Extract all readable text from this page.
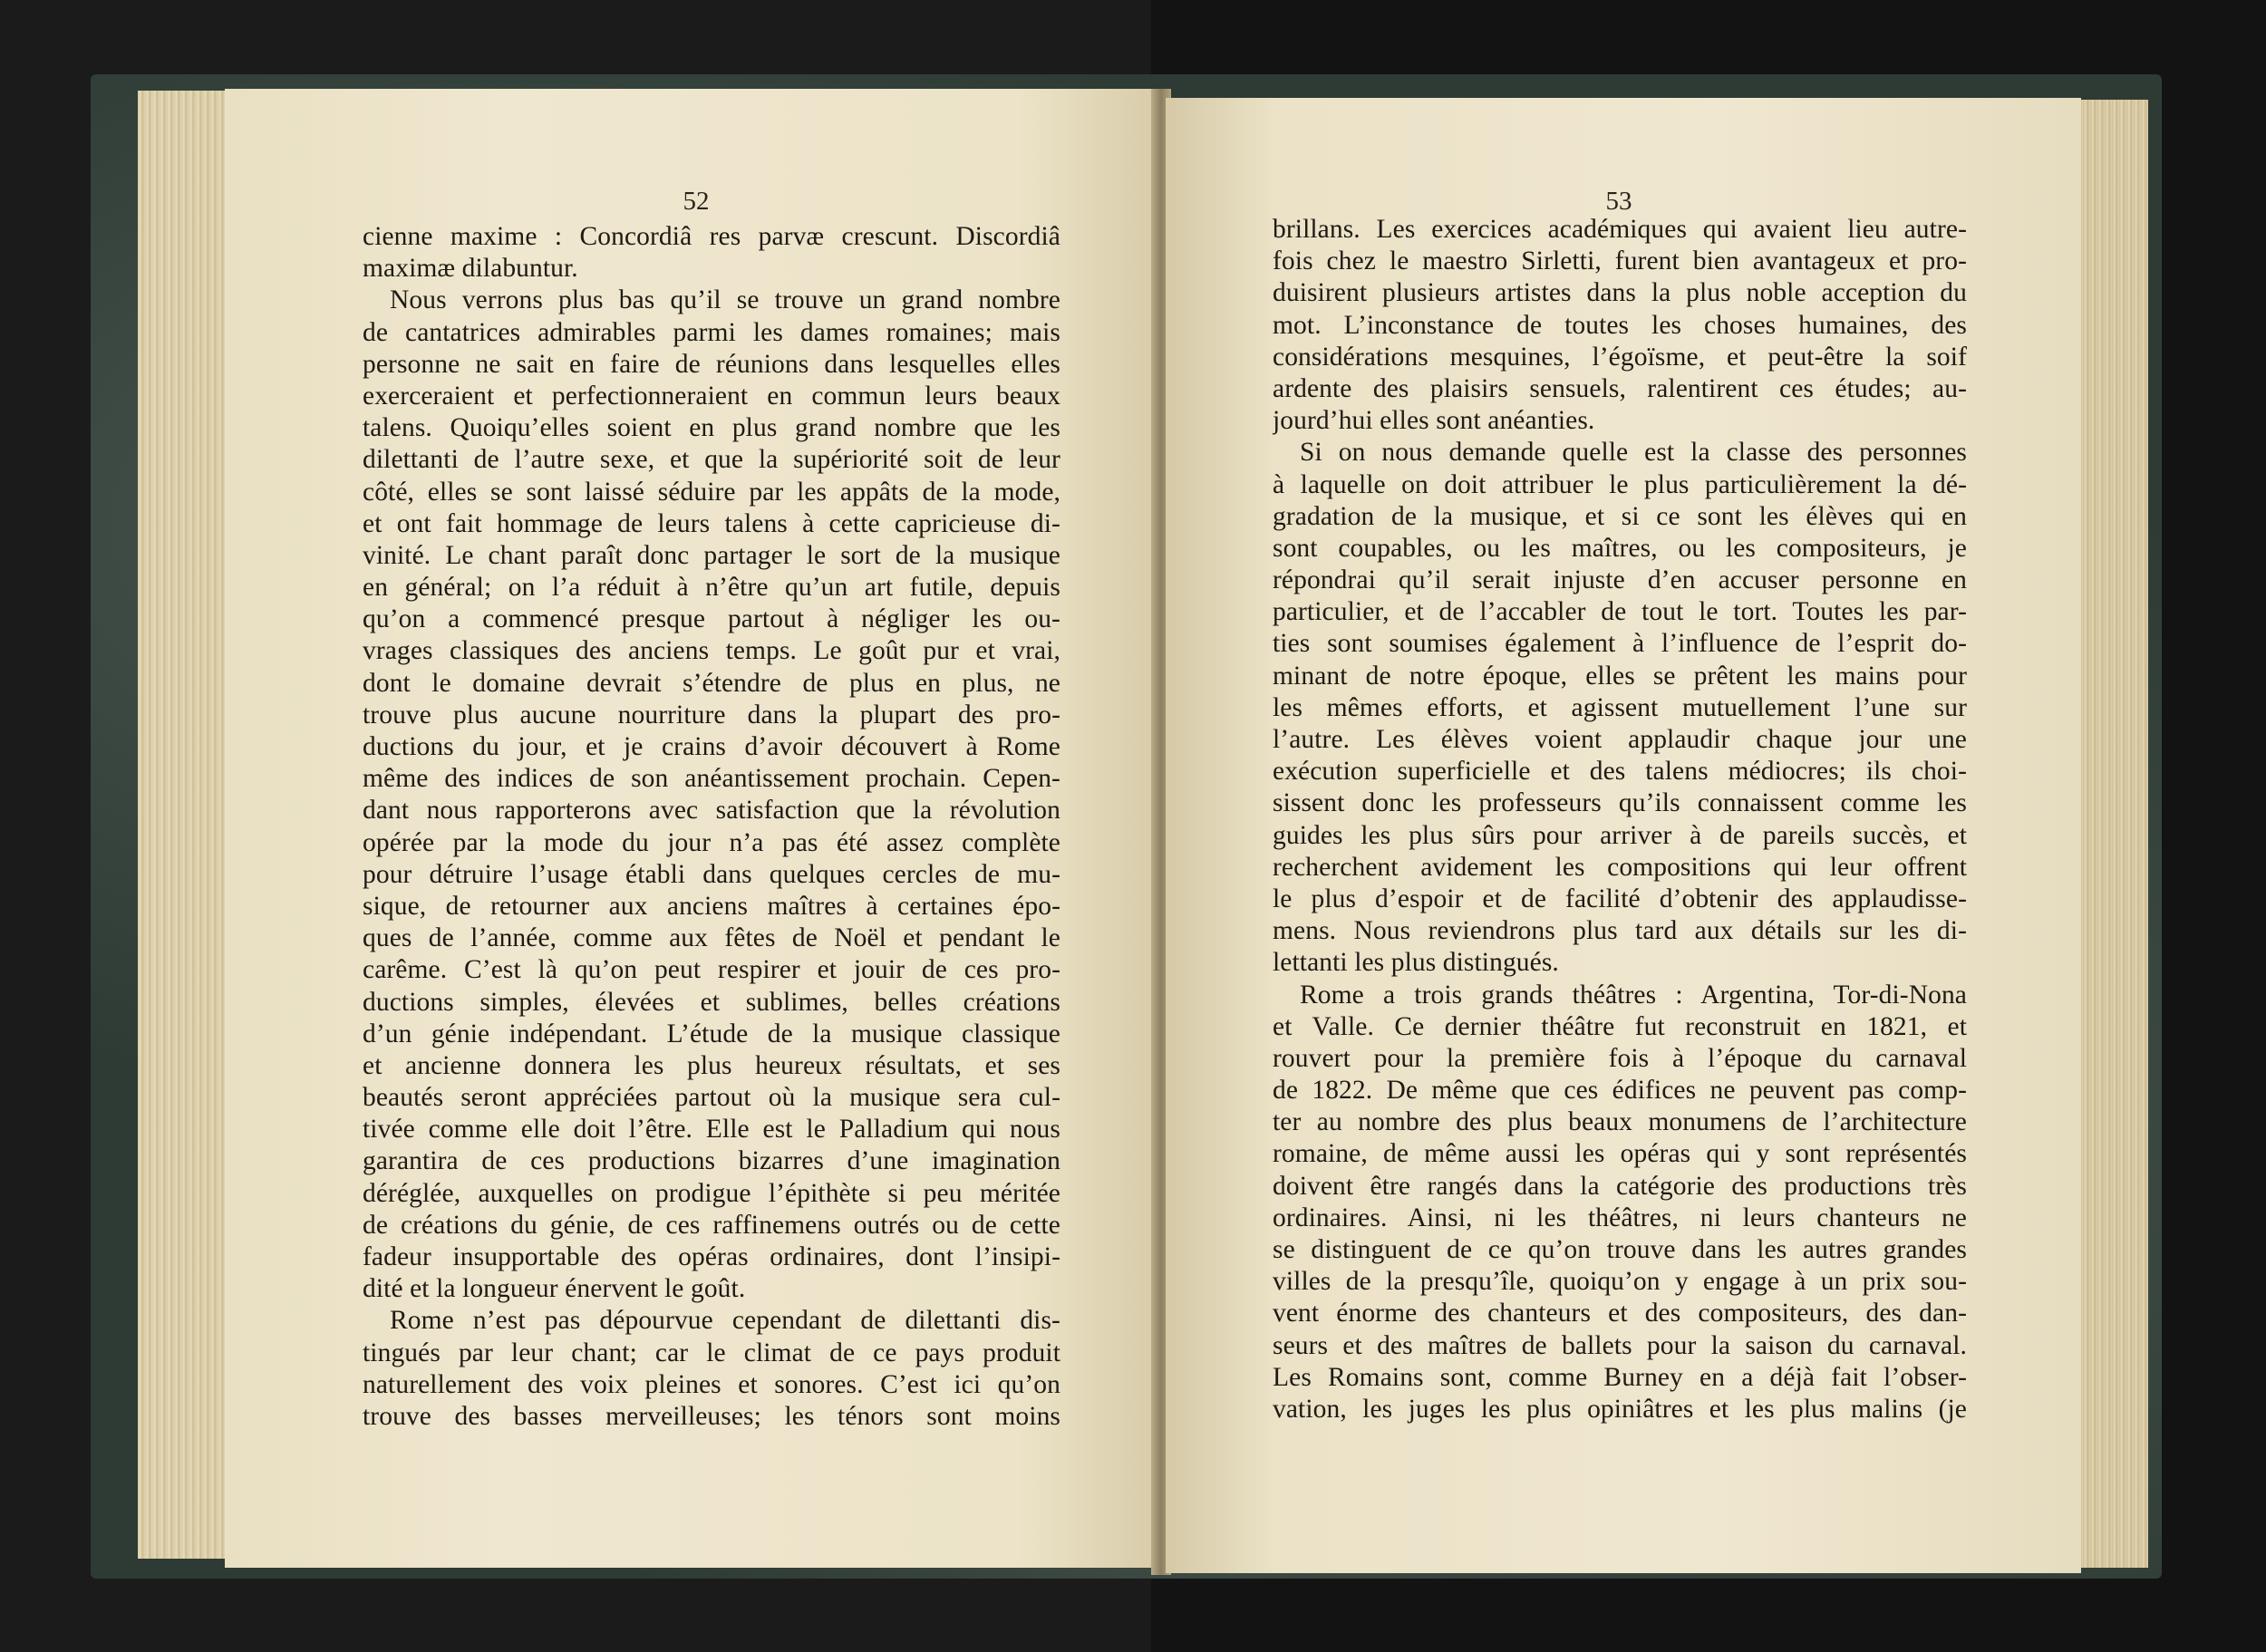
52
cienne maxime : Concordiâ res parvæ crescunt. Discordiâ
maximæ dilabuntur.
Nous verrons plus bas qu’il se trouve un grand nombre
de cantatrices admirables parmi les dames romaines; mais
personne ne sait en faire de réunions dans lesquelles elles
exerceraient et perfectionneraient en commun leurs beaux
talens. Quoiqu’elles soient en plus grand nombre que les
dilettanti de l’autre sexe, et que la supériorité soit de leur
côté, elles se sont laissé séduire par les appâts de la mode,
et ont fait hommage de leurs talens à cette capricieuse di-
vinité. Le chant paraît donc partager le sort de la musique
en général; on l’a réduit à n’être qu’un art futile, depuis
qu’on a commencé presque partout à négliger les ou-
vrages classiques des anciens temps. Le goût pur et vrai,
dont le domaine devrait s’étendre de plus en plus, ne
trouve plus aucune nourriture dans la plupart des pro-
ductions du jour, et je crains d’avoir découvert à Rome
même des indices de son anéantissement prochain. Cepen-
dant nous rapporterons avec satisfaction que la révolution
opérée par la mode du jour n’a pas été assez complète
pour détruire l’usage établi dans quelques cercles de mu-
sique, de retourner aux anciens maîtres à certaines épo-
ques de l’année, comme aux fêtes de Noël et pendant le
carême. C’est là qu’on peut respirer et jouir de ces pro-
ductions simples, élevées et sublimes, belles créations
d’un génie indépendant. L’étude de la musique classique
et ancienne donnera les plus heureux résultats, et ses
beautés seront appréciées partout où la musique sera cul-
tivée comme elle doit l’être. Elle est le Palladium qui nous
garantira de ces productions bizarres d’une imagination
déréglée, auxquelles on prodigue l’épithète si peu méritée
de créations du génie, de ces raffinemens outrés ou de cette
fadeur insupportable des opéras ordinaires, dont l’insipi-
dité et la longueur énervent le goût.
Rome n’est pas dépourvue cependant de dilettanti dis-
tingués par leur chant; car le climat de ce pays produit
naturellement des voix pleines et sonores. C’est ici qu’on
trouve des basses merveilleuses; les ténors sont moins
53
brillans. Les exercices académiques qui avaient lieu autre-
fois chez le maestro Sirletti, furent bien avantageux et pro-
duisirent plusieurs artistes dans la plus noble acception du
mot. L’inconstance de toutes les choses humaines, des
considérations mesquines, l’égoïsme, et peut-être la soif
ardente des plaisirs sensuels, ralentirent ces études; au-
jourd’hui elles sont anéanties.
Si on nous demande quelle est la classe des personnes
à laquelle on doit attribuer le plus particulièrement la dé-
gradation de la musique, et si ce sont les élèves qui en
sont coupables, ou les maîtres, ou les compositeurs, je
répondrai qu’il serait injuste d’en accuser personne en
particulier, et de l’accabler de tout le tort. Toutes les par-
ties sont soumises également à l’influence de l’esprit do-
minant de notre époque, elles se prêtent les mains pour
les mêmes efforts, et agissent mutuellement l’une sur
l’autre. Les élèves voient applaudir chaque jour une
exécution superficielle et des talens médiocres; ils choi-
sissent donc les professeurs qu’ils connaissent comme les
guides les plus sûrs pour arriver à de pareils succès, et
recherchent avidement les compositions qui leur offrent
le plus d’espoir et de facilité d’obtenir des applaudisse-
mens. Nous reviendrons plus tard aux détails sur les di-
lettanti les plus distingués.
Rome a trois grands théâtres : Argentina, Tor-di-Nona
et Valle. Ce dernier théâtre fut reconstruit en 1821, et
rouvert pour la première fois à l’époque du carnaval
de 1822. De même que ces édifices ne peuvent pas comp-
ter au nombre des plus beaux monumens de l’architecture
romaine, de même aussi les opéras qui y sont représentés
doivent être rangés dans la catégorie des productions très
ordinaires. Ainsi, ni les théâtres, ni leurs chanteurs ne
se distinguent de ce qu’on trouve dans les autres grandes
villes de la presqu’île, quoiqu’on y engage à un prix sou-
vent énorme des chanteurs et des compositeurs, des dan-
seurs et des maîtres de ballets pour la saison du carnaval.
Les Romains sont, comme Burney en a déjà fait l’obser-
vation, les juges les plus opiniâtres et les plus malins (je
